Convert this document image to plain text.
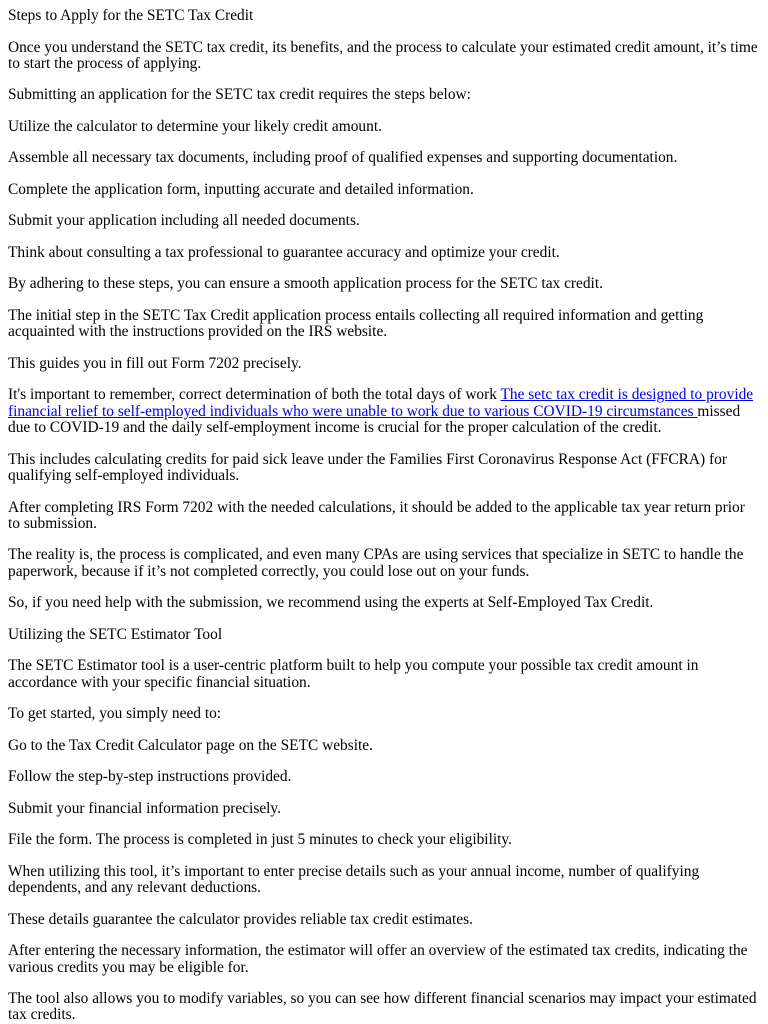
Steps to Apply for the SETC Tax Credit

Once you understand the SETC tax credit, its benefits, and the process to calculate your estimated credit amount, it’s time to start the process of applying.

Submitting an application for the SETC tax credit requires the steps below:

Utilize the calculator to determine your likely credit amount.

Assemble all necessary tax documents, including proof of qualified expenses and supporting documentation.

Complete the application form, inputting accurate and detailed information.

Submit your application including all needed documents.

Think about consulting a tax professional to guarantee accuracy and optimize your credit.

By adhering to these steps, you can ensure a smooth application process for the SETC tax credit.

The initial step in the SETC Tax Credit application process entails collecting all required information and getting acquainted with the instructions provided on the IRS website.

This guides you in fill out Form 7202 precisely.

It's important to remember, correct determination of both the total days of work The setc tax credit is designed to provide financial relief to self-employed individuals who were unable to work due to various COVID-19 circumstances missed due to COVID-19 and the daily self-employment income is crucial for the proper calculation of the credit.

This includes calculating credits for paid sick leave under the Families First Coronavirus Response Act (FFCRA) for qualifying self-employed individuals.

After completing IRS Form 7202 with the needed calculations, it should be added to the applicable tax year return prior to submission.

The reality is, the process is complicated, and even many CPAs are using services that specialize in SETC to handle the paperwork, because if it’s not completed correctly, you could lose out on your funds.

So, if you need help with the submission, we recommend using the experts at Self-Employed Tax Credit.

Utilizing the SETC Estimator Tool

The SETC Estimator tool is a user-centric platform built to help you compute your possible tax credit amount in accordance with your specific financial situation.

To get started, you simply need to:

Go to the Tax Credit Calculator page on the SETC website.

Follow the step-by-step instructions provided.

Submit your financial information precisely.

File the form. The process is completed in just 5 minutes to check your eligibility.

When utilizing this tool, it’s important to enter precise details such as your annual income, number of qualifying dependents, and any relevant deductions.

These details guarantee the calculator provides reliable tax credit estimates.

After entering the necessary information, the estimator will offer an overview of the estimated tax credits, indicating the various credits you may be eligible for.

The tool also allows you to modify variables, so you can see how different financial scenarios may impact your estimated tax credits.
